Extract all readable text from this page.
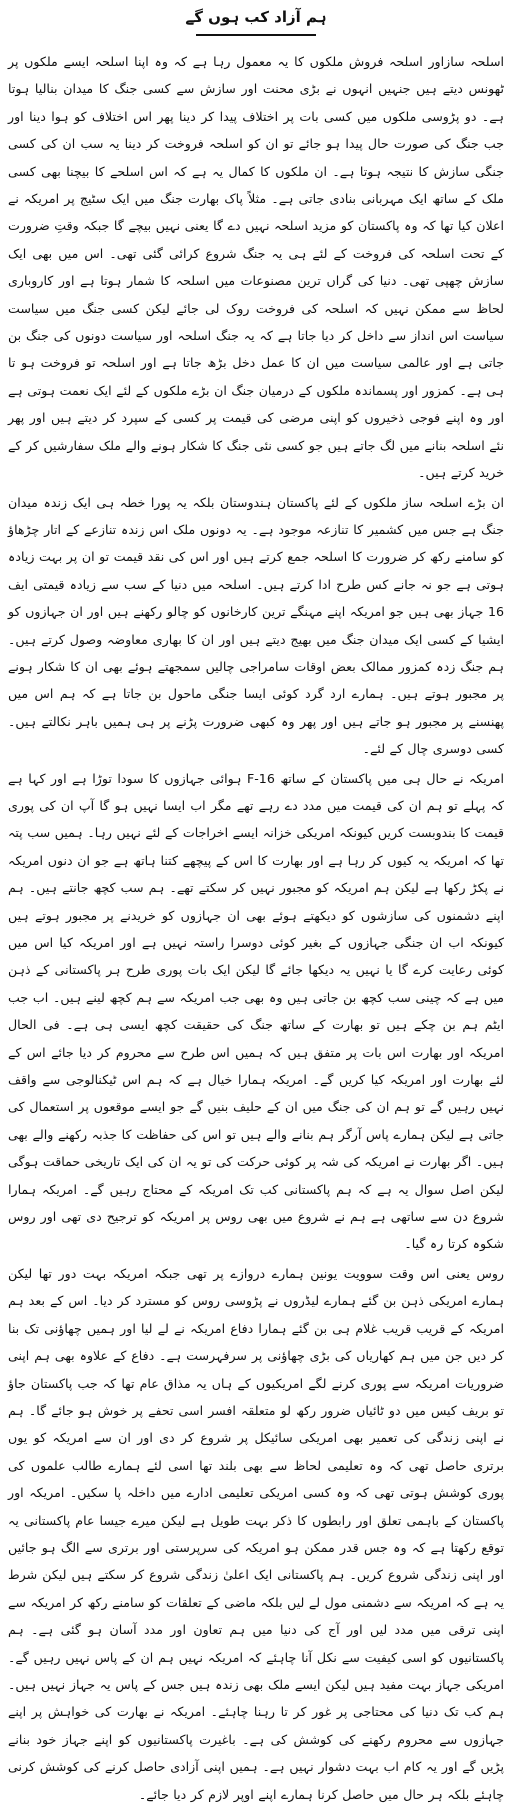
ہم آزاد کب ہوں گے

اسلحہ سازاور اسلحہ فروش ملکوں کا یہ معمول رہا ہے کہ وہ اپنا اسلحہ ایسے ملکوں پر ٹھونس دیتے ہیں جنہیں انہوں نے بڑی محنت اور سازش سے کسی جنگ کا میدان بنالیا ہوتا ہے۔ دو پڑوسی ملکوں میں کسی بات پر اختلاف پیدا کر دینا پھر اس اختلاف کو ہوا دینا اور جب جنگ کی صورت حال پیدا ہو جائے تو ان کو اسلحہ فروخت کر دینا یہ سب ان کی کسی جنگی سازش کا نتیجہ ہوتا ہے۔ ان ملکوں کا کمال یہ ہے کہ اس اسلحے کا بیچنا بھی کسی ملک کے ساتھ ایک مہربانی بنادی جاتی ہے۔ مثلاً پاک بھارت جنگ میں ایک سٹیج پر امریکہ نے اعلان کیا تھا کہ وہ پاکستان کو مزید اسلحہ نہیں دے گا یعنی نہیں بیچے گا جبکہ وقتِ ضرورت کے تحت اسلحہ کی فروخت کے لئے ہی یہ جنگ شروع کرائی گئی تھی۔ اس میں بھی ایک سازش چھپی تھی۔ دنیا کی گراں ترین مصنوعات میں اسلحہ کا شمار ہوتا ہے اور کاروباری لحاظ سے ممکن نہیں کہ اسلحہ کی فروخت روک لی جائے لیکن کسی جنگ میں سیاست سیاست اس انداز سے داخل کر دیا جاتا ہے کہ یہ جنگ اسلحہ اور سیاست دونوں کی جنگ بن جاتی ہے اور عالمی سیاست میں ان کا عمل دخل بڑھ جاتا ہے اور اسلحہ تو فروخت ہو تا ہی ہے۔ کمزور اور پسماندہ ملکوں کے درمیان جنگ ان بڑے ملکوں کے لئے ایک نعمت ہوتی ہے اور وہ اپنے فوجی ذخیروں کو اپنی مرضی کی قیمت پر کسی کے سپرد کر دیتے ہیں اور پھر نئے اسلحہ بنانے میں لگ جاتے ہیں جو کسی نئی جنگ کا شکار ہونے والے ملک سفارشیں کر کے خرید کرتے ہیں۔

ان بڑے اسلحہ ساز ملکوں کے لئے پاکستان ہندوستان بلکہ یہ پورا خطہ ہی ایک زندہ میدان جنگ ہے جس میں کشمیر کا تنازعہ موجود ہے۔ یہ دونوں ملک اس زندہ تنازعے کے اتار چڑھاؤ کو سامنے رکھ کر ضرورت کا اسلحہ جمع کرتے ہیں اور اس کی نقد قیمت تو ان پر بہت زیادہ ہوتی ہے جو نہ جانے کس طرح ادا کرتے ہیں۔ اسلحہ میں دنیا کے سب سے زیادہ قیمتی ایف 16 جہاز بھی ہیں جو امریکہ اپنے مہنگے ترین کارخانوں کو چالو رکھنے ہیں اور ان جہازوں کو ایشیا کے کسی ایک میدان جنگ میں بھیج دیتے ہیں اور ان کا بھاری معاوضہ وصول کرتے ہیں۔ ہم جنگ زدہ کمزور ممالک بعض اوقات سامراجی چالیں سمجھتے ہوئے بھی ان کا شکار ہونے پر مجبور ہوتے ہیں۔ ہمارے ارد گرد کوئی ایسا جنگی ماحول بن جاتا ہے کہ ہم اس میں پھنسنے پر مجبور ہو جاتے ہیں اور پھر وہ کبھی ضرورت پڑنے پر ہی ہمیں باہر نکالتے ہیں۔ کسی دوسری چال کے لئے۔

امریکہ نے حال ہی میں پاکستان کے ساتھ F-16 ہوائی جہازوں کا سودا توڑا ہے اور کہا ہے کہ پہلے تو ہم ان کی قیمت میں مدد دے رہے تھے مگر اب ایسا نہیں ہو گا آپ ان کی پوری قیمت کا بندوبست کریں کیونکہ امریکی خزانہ ایسے اخراجات کے لئے نہیں رہا۔ ہمیں سب پتہ تھا کہ امریکہ یہ کیوں کر رہا ہے اور بھارت کا اس کے پیچھے کتنا ہاتھ ہے جو ان دنوں امریکہ نے پکڑ رکھا ہے لیکن ہم امریکہ کو مجبور نہیں کر سکتے تھے۔ ہم سب کچھ جانتے ہیں۔ ہم اپنے دشمنوں کی سازشوں کو دیکھتے ہوئے بھی ان جہازوں کو خریدنے پر مجبور ہوتے ہیں کیونکہ اب ان جنگی جہازوں کے بغیر کوئی دوسرا راستہ نہیں ہے اور امریکہ کیا اس میں کوئی رعایت کرے گا یا نہیں یہ دیکھا جائے گا لیکن ایک بات پوری طرح ہر پاکستانی کے ذہن میں ہے کہ چینی سب کچھ بن جاتی ہیں وہ بھی جب امریکہ سے ہم کچھ لینے ہیں۔ اب جب ایٹم ہم بن چکے ہیں تو بھارت کے ساتھ جنگ کی حقیقت کچھ ایسی ہی ہے۔ فی الحال امریکہ اور بھارت اس بات پر متفق ہیں کہ ہمیں اس طرح سے محروم کر دیا جائے اس کے لئے بھارت اور امریکہ کیا کریں گے۔ امریکہ ہمارا خیال ہے کہ ہم اس ٹیکنالوجی سے واقف نہیں رہیں گے تو ہم ان کی جنگ میں ان کے حلیف بنیں گے جو ایسے موقعوں پر استعمال کی جاتی ہے لیکن ہمارے پاس آرگر ہم بنانے والے ہیں تو اس کی حفاظت کا جذبہ رکھنے والے بھی ہیں۔ اگر بھارت نے امریکہ کی شہ پر کوئی حرکت کی تو یہ ان کی ایک تاریخی حماقت ہوگی لیکن اصل سوال یہ ہے کہ ہم پاکستانی کب تک امریکہ کے محتاج رہیں گے۔ امریکہ ہمارا شروع دن سے ساتھی ہے ہم نے شروع میں بھی روس پر امریکہ کو ترجیح دی تھی اور روس شکوہ کرتا رہ گیا۔

روس یعنی اس وقت سوویت یونین ہمارے دروازے پر تھی جبکہ امریکہ بہت دور تھا لیکن ہمارے امریکی ذہن بن گئے ہمارے لیڈروں نے پڑوسی روس کو مسترد کر دیا۔ اس کے بعد ہم امریکہ کے قریب قریب غلام ہی بن گئے ہمارا دفاع امریکہ نے لے لیا اور ہمیں چھاؤنی تک بنا کر دیں جن میں ہم کھاریاں کی بڑی چھاؤنی پر سرفہرست ہے۔ دفاع کے علاوہ بھی ہم اپنی ضروریات امریکہ سے پوری کرنے لگے امریکیوں کے ہاں یہ مذاق عام تھا کہ جب پاکستان جاؤ تو بریف کیس میں دو ٹائیاں ضرور رکھ لو متعلقہ افسر اسی تحفے پر خوش ہو جائے گا۔ ہم نے اپنی زندگی کی تعمیر بھی امریکی سائیکل پر شروع کر دی اور ان سے امریکہ کو یوں برتری حاصل تھی کہ وہ تعلیمی لحاظ سے بھی بلند تھا اسی لئے ہمارے طالب علموں کی پوری کوشش ہوتی تھی کہ وہ کسی امریکی تعلیمی ادارے میں داخلہ پا سکیں۔ امریکہ اور پاکستان کے باہمی تعلق اور رابطوں کا ذکر بہت طویل ہے لیکن میرے جیسا عام پاکستانی یہ توقع رکھتا ہے کہ وہ جس قدر ممکن ہو امریکہ کی سرپرستی اور برتری سے الگ ہو جائیں اور اپنی زندگی شروع کریں۔ ہم پاکستانی ایک اعلیٰ زندگی شروع کر سکتے ہیں لیکن شرط یہ ہے کہ امریکہ سے دشمنی مول لے لیں بلکہ ماضی کے تعلقات کو سامنے رکھ کر امریکہ سے اپنی ترقی میں مدد لیں اور آج کی دنیا میں ہم تعاون اور مدد آسان ہو گئی ہے۔ ہم پاکستانیوں کو اسی کیفیت سے نکل آنا چاہئے کہ امریکہ نہیں ہم ان کے پاس نہیں رہیں گے۔ امریکی جہاز بہت مفید ہیں لیکن ایسے ملک بھی زندہ ہیں جس کے پاس یہ جہاز نہیں ہیں۔ ہم کب تک دنیا کی محتاجی پر غور کر تا رہنا چاہئے۔ امریکہ نے بھارت کی خواہش پر اپنے جہازوں سے محروم رکھنے کی کوشش کی ہے۔ باغیرت پاکستانیوں کو اپنے جہاز خود بنانے پڑیں گے اور یہ کام اب بہت دشوار نہیں ہے۔ ہمیں اپنی آزادی حاصل کرنے کی کوشش کرنی چاہئے بلکہ ہر حال میں حاصل کرنا ہمارے اپنے اوپر لازم کر دیا جائے۔
